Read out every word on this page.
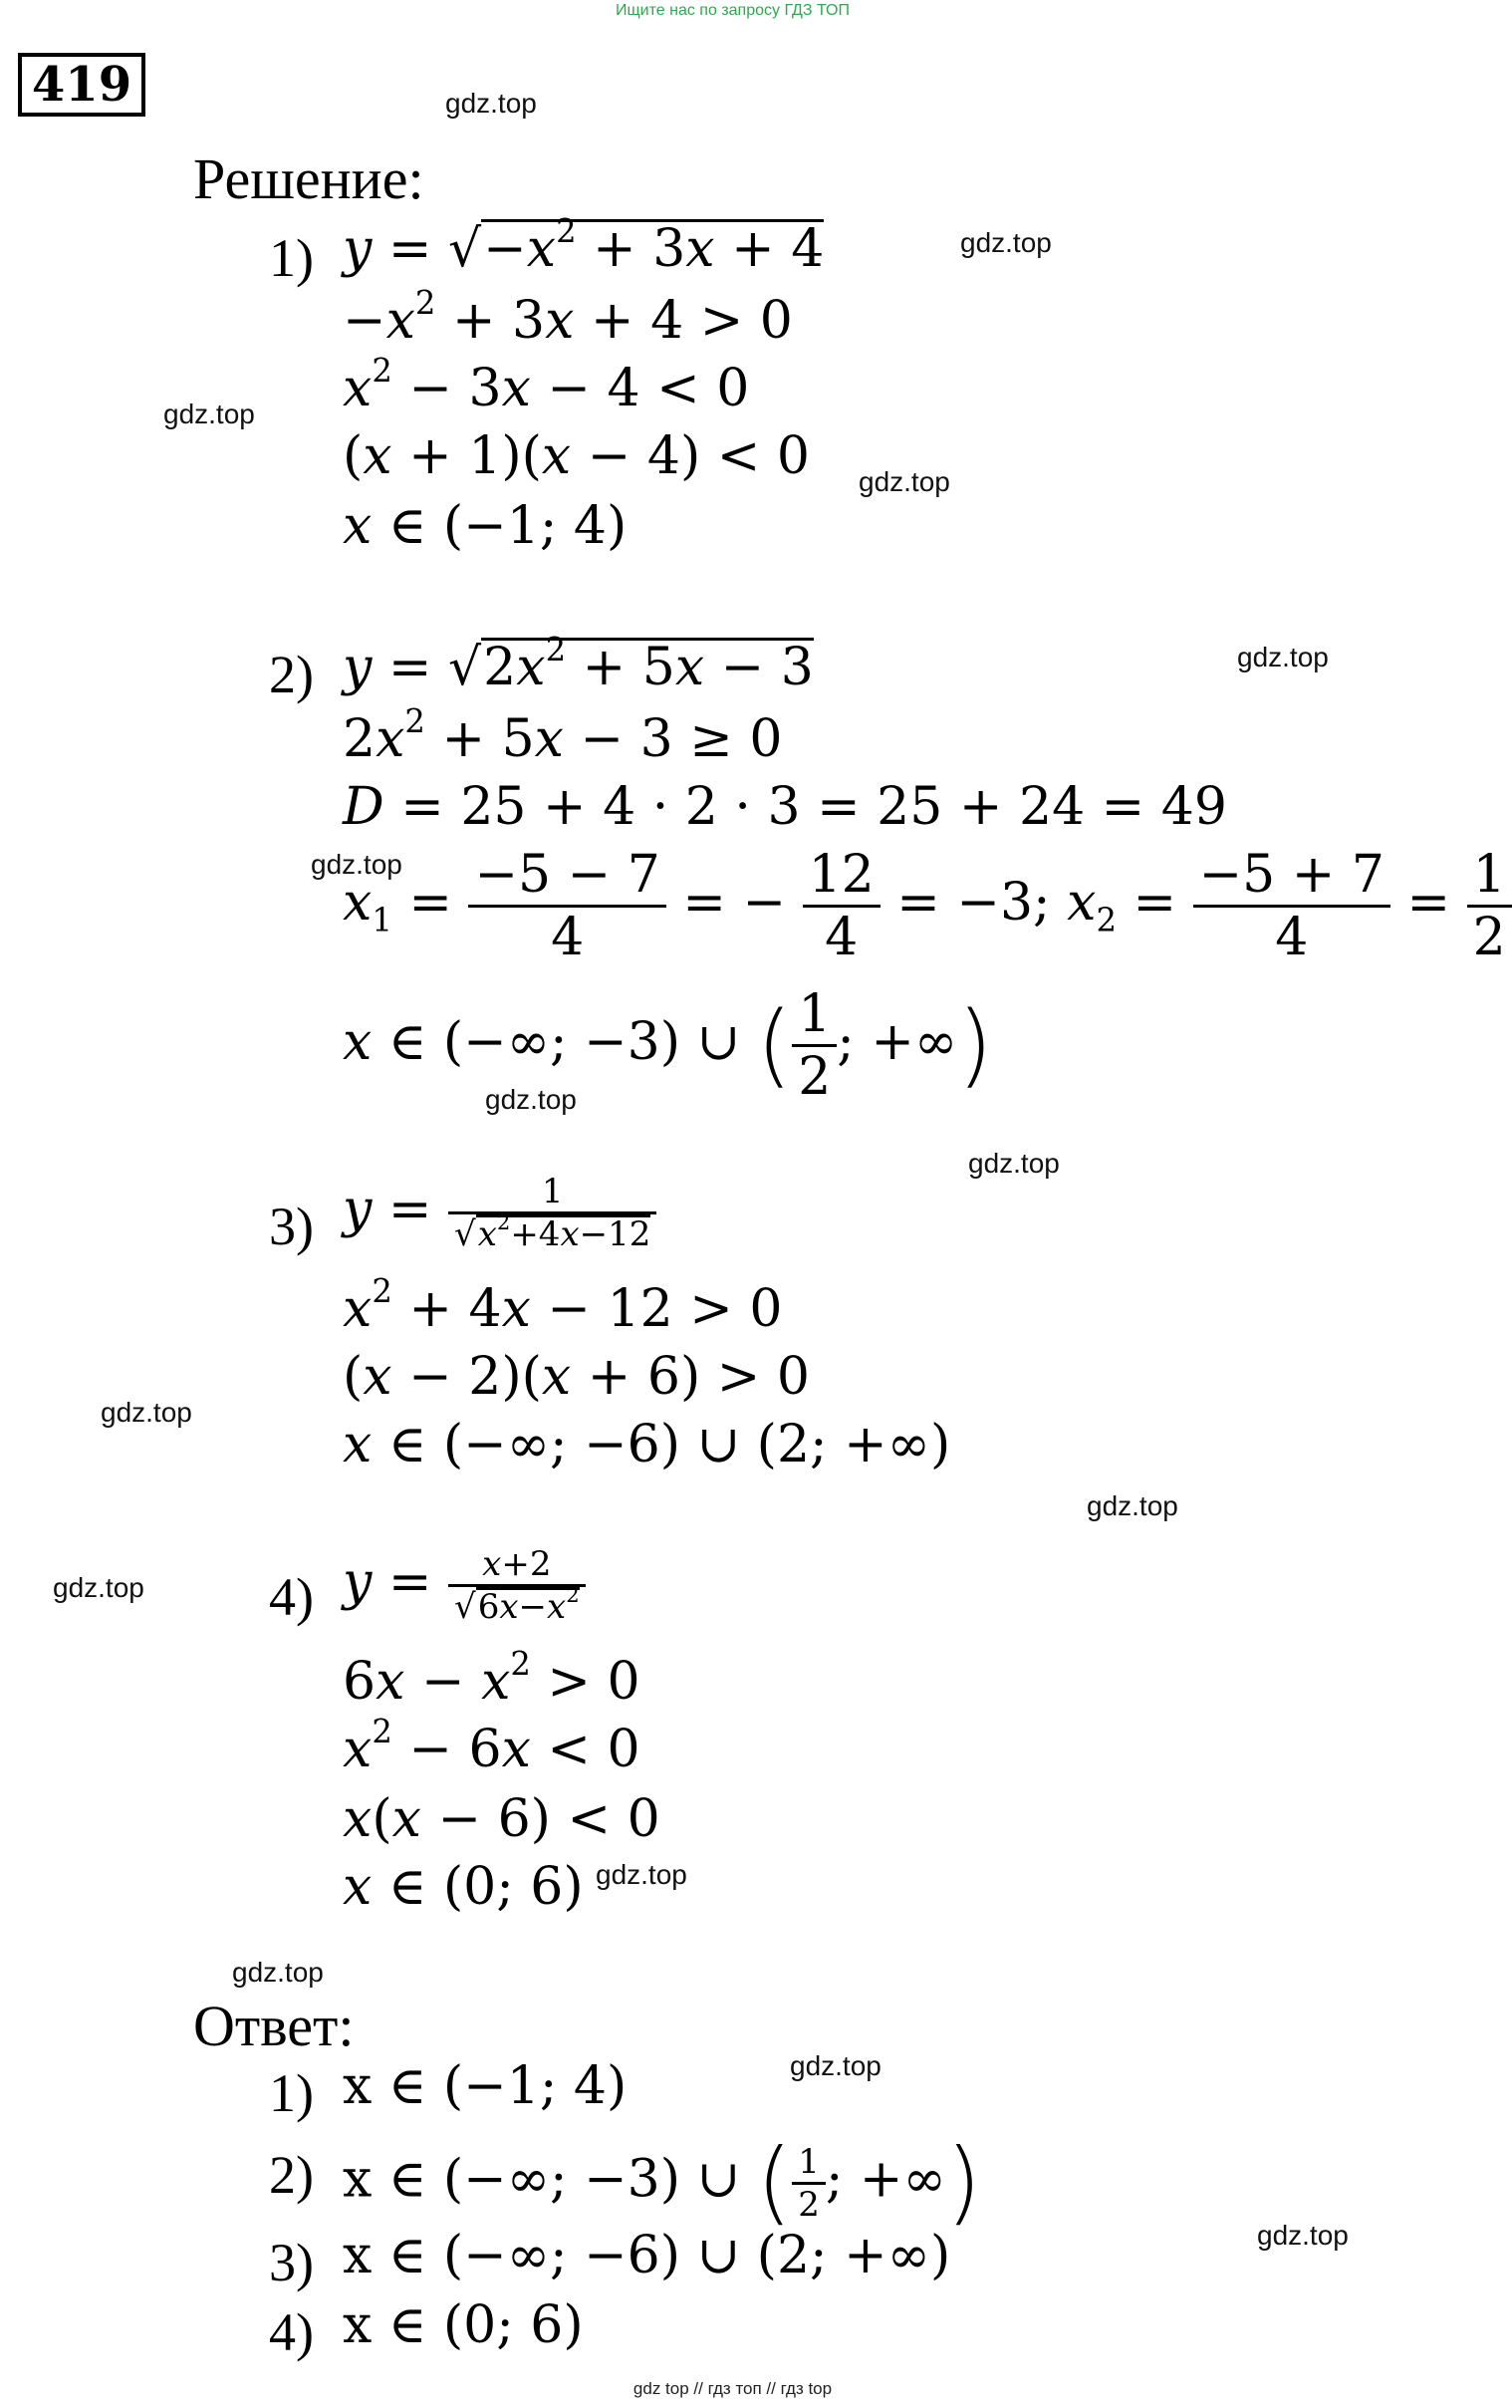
Ищите нас по запросу ГДЗ ТОП
419	gdz.top
gdz.top
gdz.top
gdz.top
gdz.top
gdz.top
gdz.top
gdz.top
gdz.top
gdz.top
gdz.top
gdz.top
gdz.top
gdz.top
gdz.top
Решение:
1) $y = √-x^2 + 3x + 4$
$-x^2 + 3x + 4 > 0$
$x^2 - 3x - 4 < 0$
(x + 1)(x − 4) < 0
x ∈ (−1; 4)
2) $y = √2x^2 + 5x - 3$
$2x^2 + 5x - 3 \ge 0$
D = 25 + 4 · 2 · 3 = 25 + 24 = 49
$x_1 = \frac{-5 - 7}{4}$ = − $\frac{12}{4} = -3$; $x_2 = \frac{-5 + 7}{4} = \frac{1}{2}$
x ∈ (−∞; −3) ∪ ( $\frac{1}{2}$ ; +∞)
3) $y = \frac{1}{√x^2+4x-12}$
$x^2 + 4x - 12 > 0$
(x − 2)(x + 6) > 0
x ∈ (−∞; −6) ∪ (2; +∞)
4) $y = \frac{x+2}{√6x-x^2}$
$6x - x^2 > 0$
$x^2 - 6x < 0$
x(x − 6) < 0
x ∈ (0; 6)
Ответ:
1) x ∈ (−1; 4)
2) x ∈ (−∞; −3) ∪ ( $\frac{1}{2}$ ; +∞)
3) x ∈ (−∞; −6) ∪ (2; +∞)
4) x ∈ (0; 6)
gdz top // гдз топ // гдз top
